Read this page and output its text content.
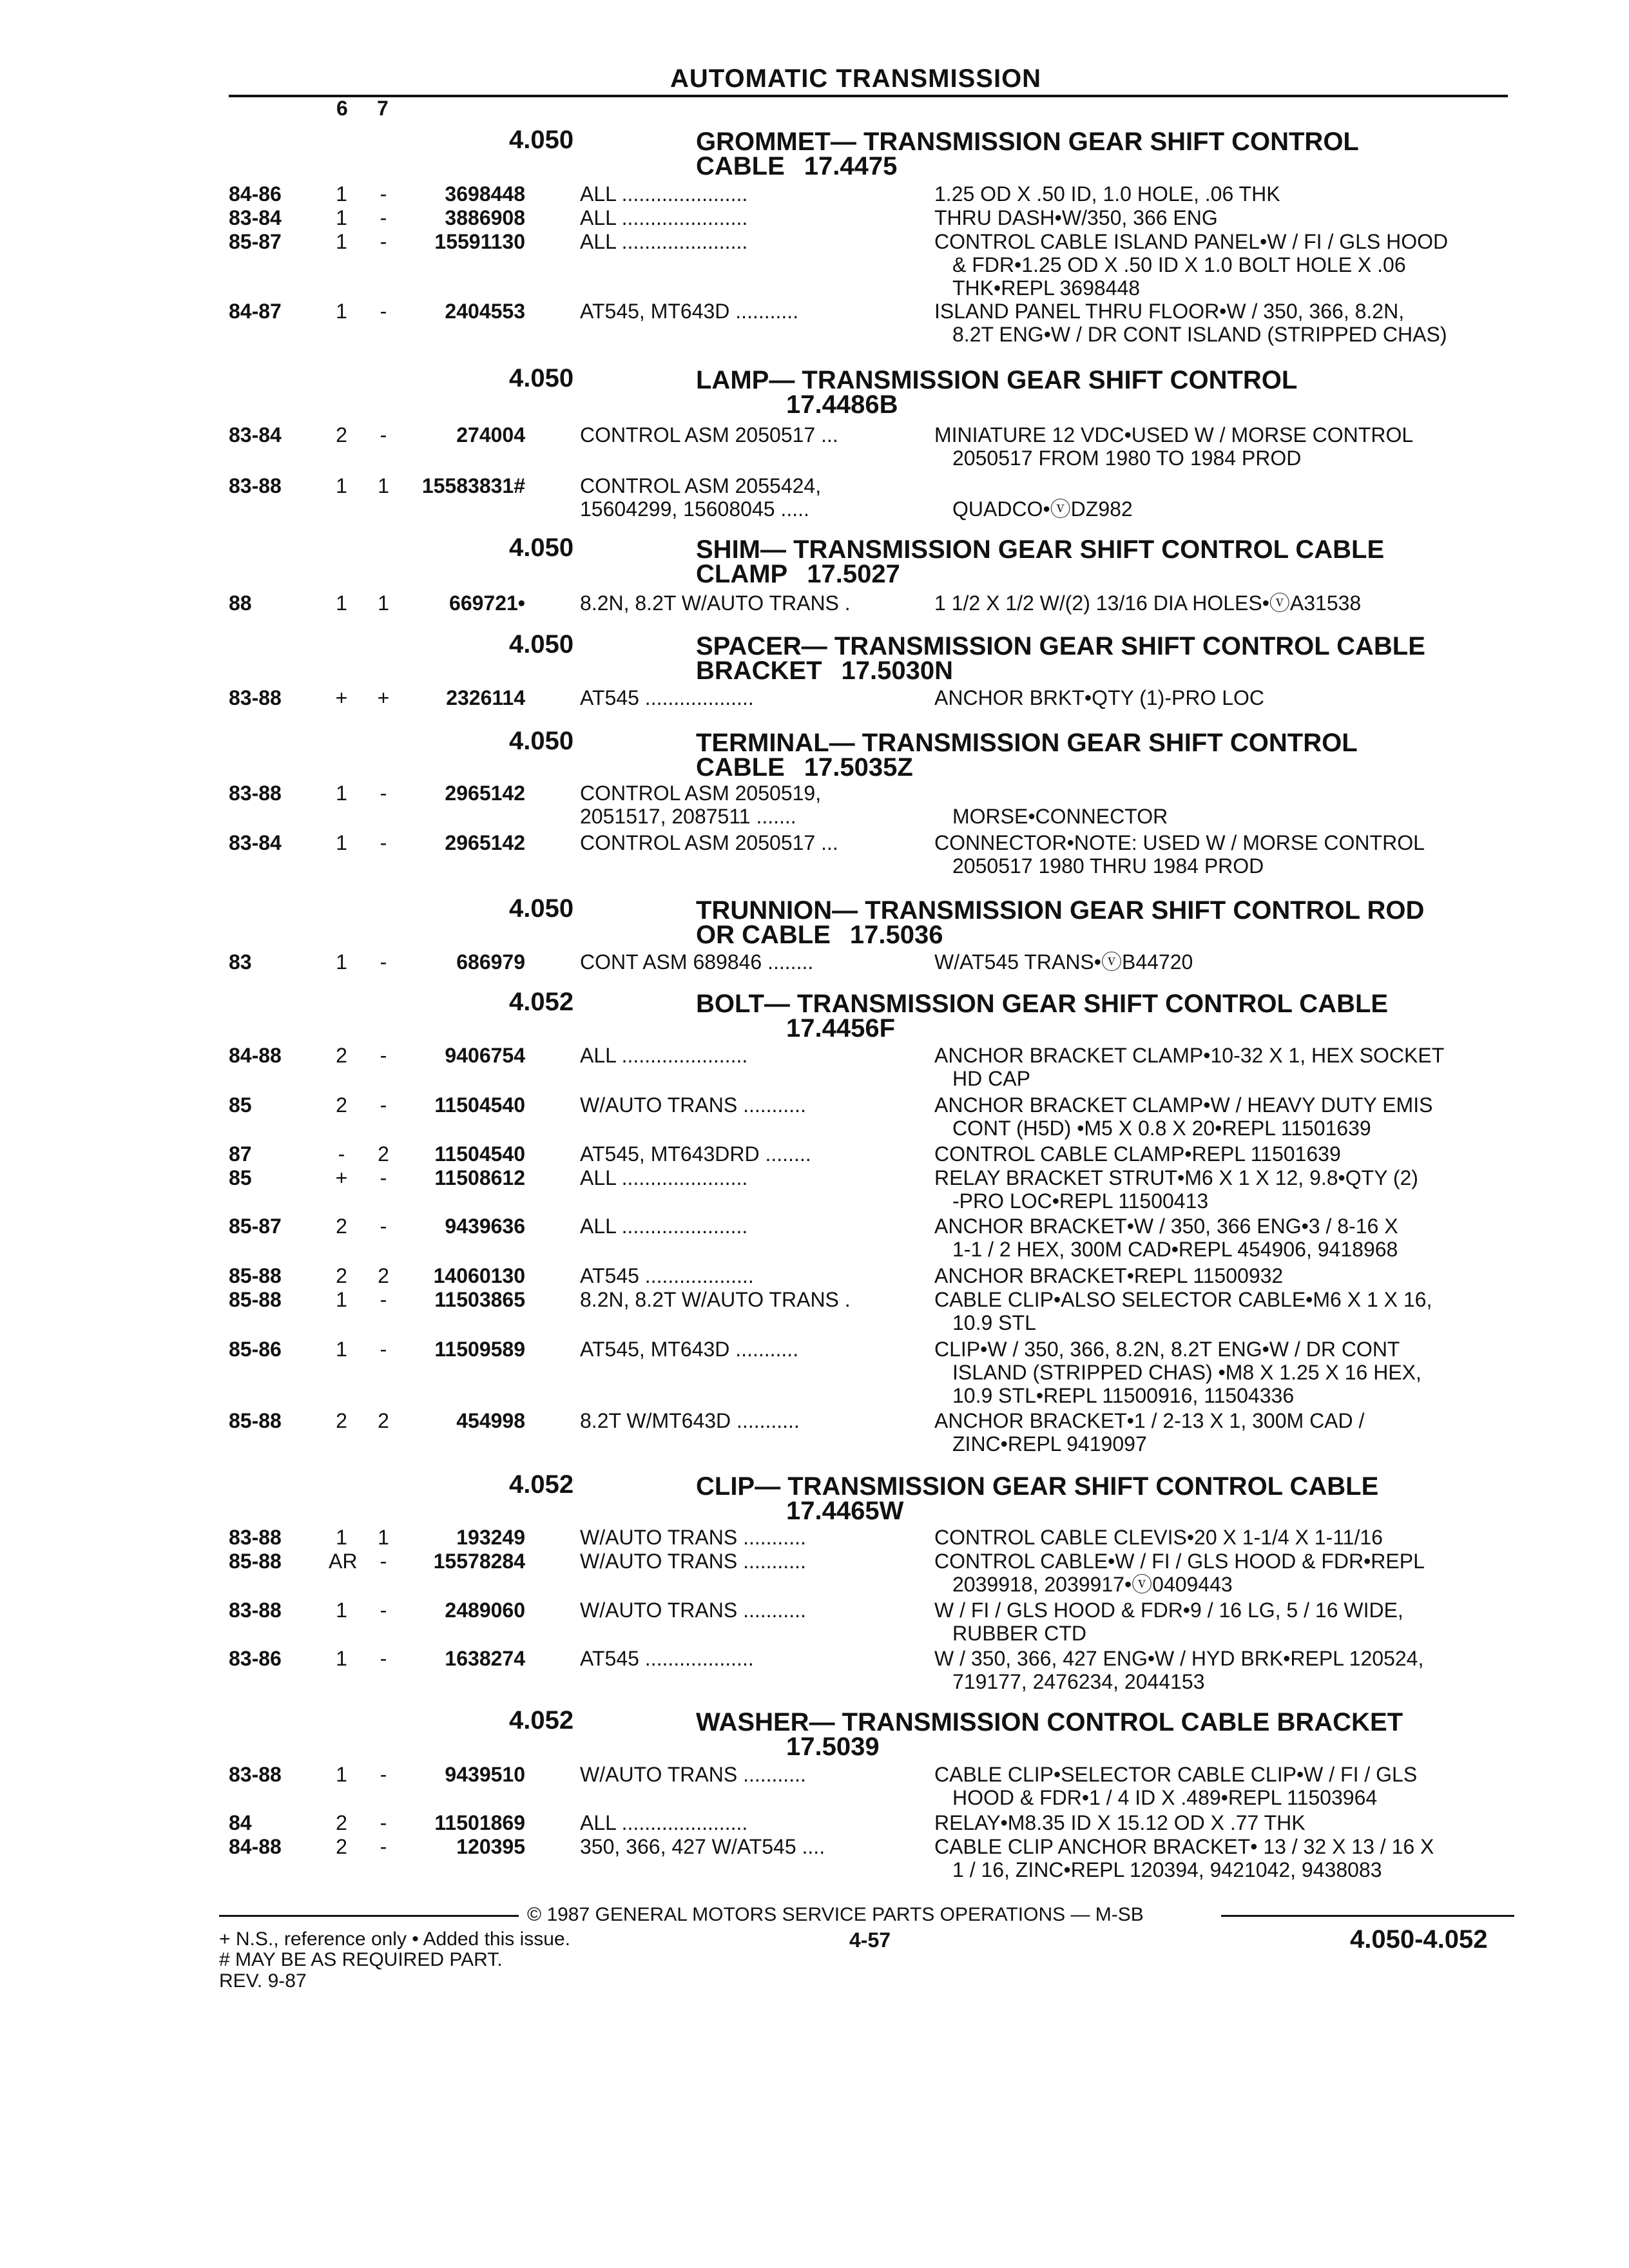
AUTOMATIC TRANSMISSION
6 7
4.050	GROMMET— TRANSMISSION GEAR SHIFT CONTROL
CABLE 17.4475
84-86	1	-	3698448	ALL ......................	1.25 OD X .50 ID, 1.0 HOLE, .06 THK
83-84	1	-	3886908	ALL ......................	THRU DASH•W/350, 366 ENG
85-87	1	-	15591130	ALL ......................	CONTROL CABLE ISLAND PANEL•W / FI / GLS HOOD
& FDR•1.25 OD X .50 ID X 1.0 BOLT HOLE X .06
THK•REPL 3698448
84-87	1	-	2404553	AT545, MT643D ...........	ISLAND PANEL THRU FLOOR•W / 350, 366, 8.2N,
8.2T ENG•W / DR CONT ISLAND (STRIPPED CHAS)
4.050	LAMP— TRANSMISSION GEAR SHIFT CONTROL
17.4486B
83-84	2	-	274004	CONTROL ASM 2050517 ...	MINIATURE 12 VDC•USED W / MORSE CONTROL
2050517 FROM 1980 TO 1984 PROD
83-88	1	1	15583831#	CONTROL ASM 2055424,
15604299, 15608045 .....	QUADCO•ⓥDZ982
4.050	SHIM— TRANSMISSION GEAR SHIFT CONTROL CABLE
CLAMP 17.5027
88	1	1	669721•	8.2N, 8.2T W/AUTO TRANS .	1 1/2 X 1/2 W/(2) 13/16 DIA HOLES•ⓥA31538
4.050	SPACER— TRANSMISSION GEAR SHIFT CONTROL CABLE
BRACKET 17.5030N
83-88	+	+	2326114	AT545 ...................	ANCHOR BRKT•QTY (1)-PRO LOC
4.050	TERMINAL— TRANSMISSION GEAR SHIFT CONTROL
CABLE 17.5035Z
83-88	1	-	2965142	CONTROL ASM 2050519,
2051517, 2087511 .......	MORSE•CONNECTOR
83-84	1	-	2965142	CONTROL ASM 2050517 ...	CONNECTOR•NOTE: USED W / MORSE CONTROL
2050517 1980 THRU 1984 PROD
4.050	TRUNNION— TRANSMISSION GEAR SHIFT CONTROL ROD
OR CABLE 17.5036
83	1	-	686979	CONT ASM 689846 ........	W/AT545 TRANS•ⓥB44720
4.052	BOLT— TRANSMISSION GEAR SHIFT CONTROL CABLE
17.4456F
84-88	2	-	9406754	ALL ......................	ANCHOR BRACKET CLAMP•10-32 X 1, HEX SOCKET
HD CAP
85	2	-	11504540	W/AUTO TRANS ...........	ANCHOR BRACKET CLAMP•W / HEAVY DUTY EMIS
CONT (H5D) •M5 X 0.8 X 20•REPL 11501639
87	-	2	11504540	AT545, MT643DRD ........	CONTROL CABLE CLAMP•REPL 11501639
85	+	-	11508612	ALL ......................	RELAY BRACKET STRUT•M6 X 1 X 12, 9.8•QTY (2)
-PRO LOC•REPL 11500413
85-87	2	-	9439636	ALL ......................	ANCHOR BRACKET•W / 350, 366 ENG•3 / 8-16 X
1-1 / 2 HEX, 300M CAD•REPL 454906, 9418968
85-88	2	2	14060130	AT545 ...................	ANCHOR BRACKET•REPL 11500932
85-88	1	-	11503865	8.2N, 8.2T W/AUTO TRANS .	CABLE CLIP•ALSO SELECTOR CABLE•M6 X 1 X 16,
10.9 STL
85-86	1	-	11509589	AT545, MT643D ...........	CLIP•W / 350, 366, 8.2N, 8.2T ENG•W / DR CONT
ISLAND (STRIPPED CHAS) •M8 X 1.25 X 16 HEX,
10.9 STL•REPL 11500916, 11504336
85-88	2	2	454998	8.2T W/MT643D ...........	ANCHOR BRACKET•1 / 2-13 X 1, 300M CAD /
ZINC•REPL 9419097
4.052	CLIP— TRANSMISSION GEAR SHIFT CONTROL CABLE
17.4465W
83-88	1	1	193249	W/AUTO TRANS ...........	CONTROL CABLE CLEVIS•20 X 1-1/4 X 1-11/16
85-88 AR	-	15578284	W/AUTO TRANS ...........	CONTROL CABLE•W / FI / GLS HOOD & FDR•REPL
2039918, 2039917•ⓥ0409443
83-88	1	-	2489060	W/AUTO TRANS ...........	W / FI / GLS HOOD & FDR•9 / 16 LG, 5 / 16 WIDE,
RUBBER CTD
83-86	1	-	1638274	AT545 ...................	W / 350, 366, 427 ENG•W / HYD BRK•REPL 120524,
719177, 2476234, 2044153
4.052	WASHER— TRANSMISSION CONTROL CABLE BRACKET
17.5039
83-88	1	-	9439510	W/AUTO TRANS ...........	CABLE CLIP•SELECTOR CABLE CLIP•W / FI / GLS
HOOD & FDR•1 / 4 ID X .489•REPL 11503964
84	2	-	11501869	ALL ......................	RELAY•M8.35 ID X 15.12 OD X .77 THK
84-88	2	-	120395	350, 366, 427 W/AT545 ....	CABLE CLIP ANCHOR BRACKET• 13 / 32 X 13 / 16 X
1 / 16, ZINC•REPL 120394, 9421042, 9438083
© 1987 GENERAL MOTORS SERVICE PARTS OPERATIONS — M-SB
+ N.S., reference only • Added this issue.
# MAY BE AS REQUIRED PART.
REV. 9-87
4-57	4.050-4.052
